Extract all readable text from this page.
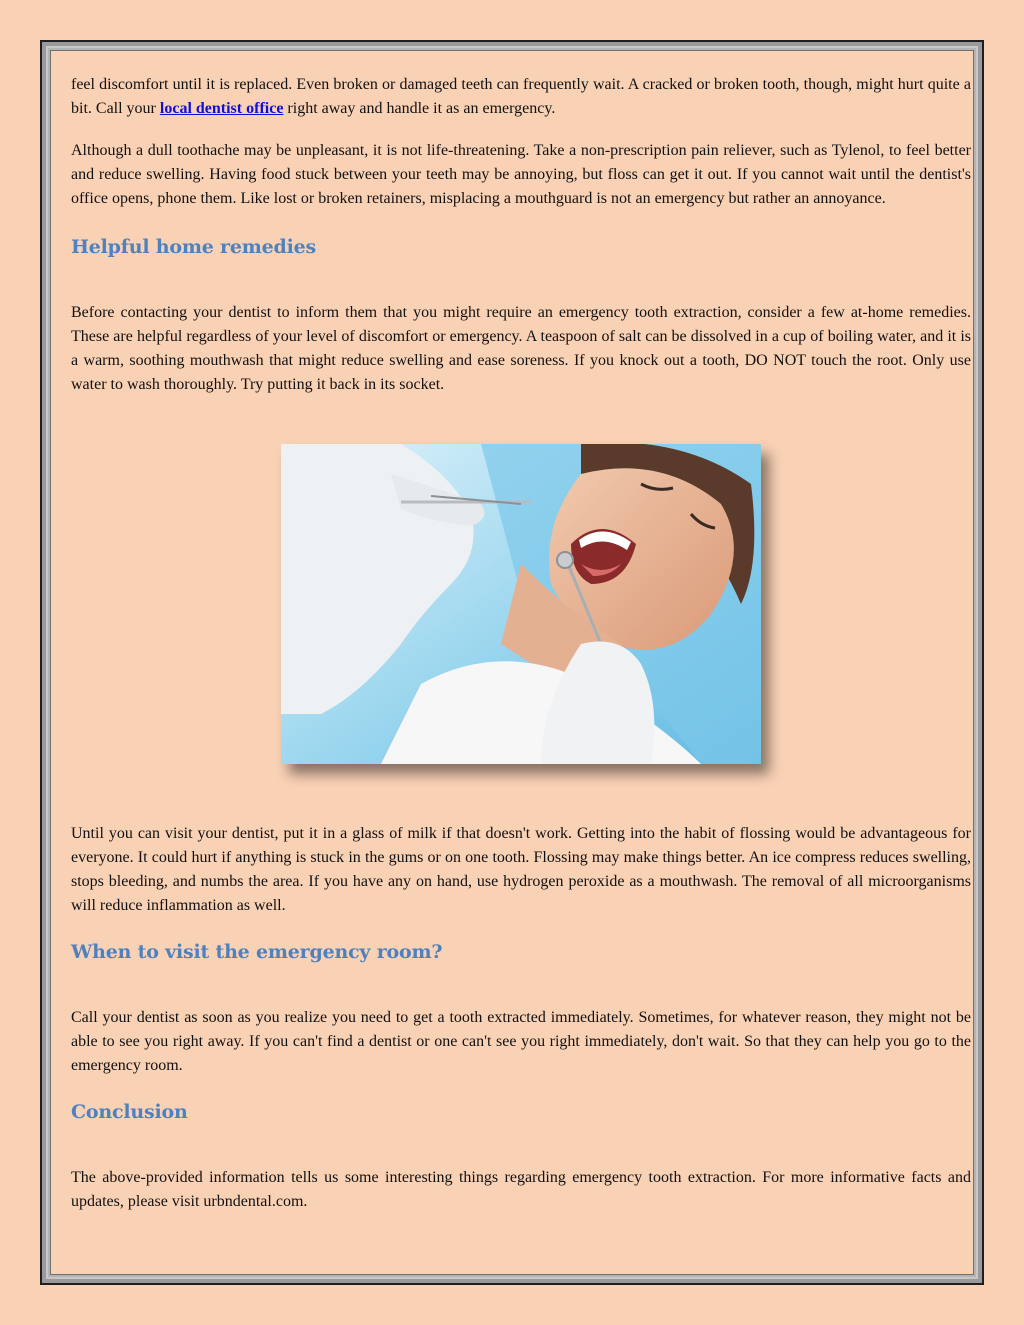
feel discomfort until it is replaced. Even broken or damaged teeth can frequently wait. A cracked or broken tooth, though, might hurt quite a bit. Call your local dentist office right away and handle it as an emergency.

Although a dull toothache may be unpleasant, it is not life-threatening. Take a non-prescription pain reliever, such as Tylenol, to feel better and reduce swelling. Having food stuck between your teeth may be annoying, but floss can get it out. If you cannot wait until the dentist's office opens, phone them. Like lost or broken retainers, misplacing a mouthguard is not an emergency but rather an annoyance.

Helpful home remedies

Before contacting your dentist to inform them that you might require an emergency tooth extraction, consider a few at-home remedies. These are helpful regardless of your level of discomfort or emergency. A teaspoon of salt can be dissolved in a cup of boiling water, and it is a warm, soothing mouthwash that might reduce swelling and ease soreness. If you knock out a tooth, DO NOT touch the root. Only use water to wash thoroughly. Try putting it back in its socket.

Until you can visit your dentist, put it in a glass of milk if that doesn't work. Getting into the habit of flossing would be advantageous for everyone. It could hurt if anything is stuck in the gums or on one tooth. Flossing may make things better. An ice compress reduces swelling, stops bleeding, and numbs the area. If you have any on hand, use hydrogen peroxide as a mouthwash. The removal of all microorganisms will reduce inflammation as well.

When to visit the emergency room?

Call your dentist as soon as you realize you need to get a tooth extracted immediately. Sometimes, for whatever reason, they might not be able to see you right away. If you can't find a dentist or one can't see you right immediately, don't wait. So that they can help you go to the emergency room.

Conclusion

The above-provided information tells us some interesting things regarding emergency tooth extraction. For more informative facts and updates, please visit urbndental.com.
